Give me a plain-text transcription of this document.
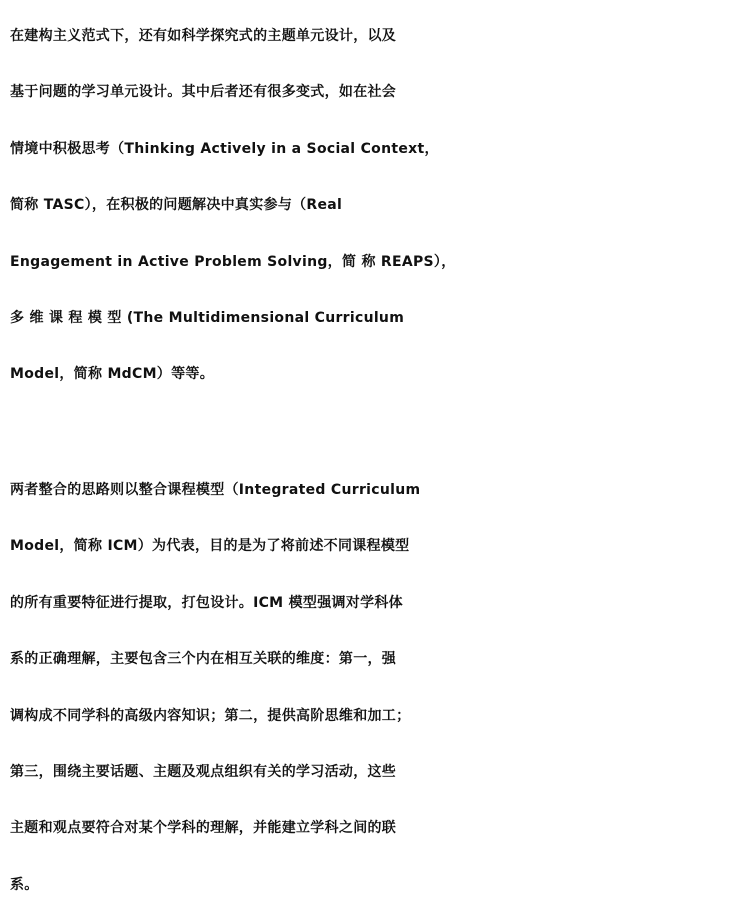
在建构主义范式下，还有如科学探究式的主题单元设计，以及
基于问题的学习单元设计。其中后者还有很多变式，如在社会
情境中积极思考（Thinking Actively in a Social Context，
简称 TASC），在积极的问题解决中真实参与（Real
Engagement in Active Problem Solving，简 称 REAPS），
多 维 课 程 模 型 (The Multidimensional Curriculum
Model，简称 MdCM）等等。

两者整合的思路则以整合课程模型（Integrated Curriculum
Model，简称 ICM）为代表，目的是为了将前述不同课程模型
的所有重要特征进行提取，打包设计。ICM 模型强调对学科体
系的正确理解，主要包含三个内在相互关联的维度：第一，强
调构成不同学科的高级内容知识；第二，提供高阶思维和加工；
第三，围绕主要话题、主题及观点组织有关的学习活动，这些
主题和观点要符合对某个学科的理解，并能建立学科之间的联
系。
